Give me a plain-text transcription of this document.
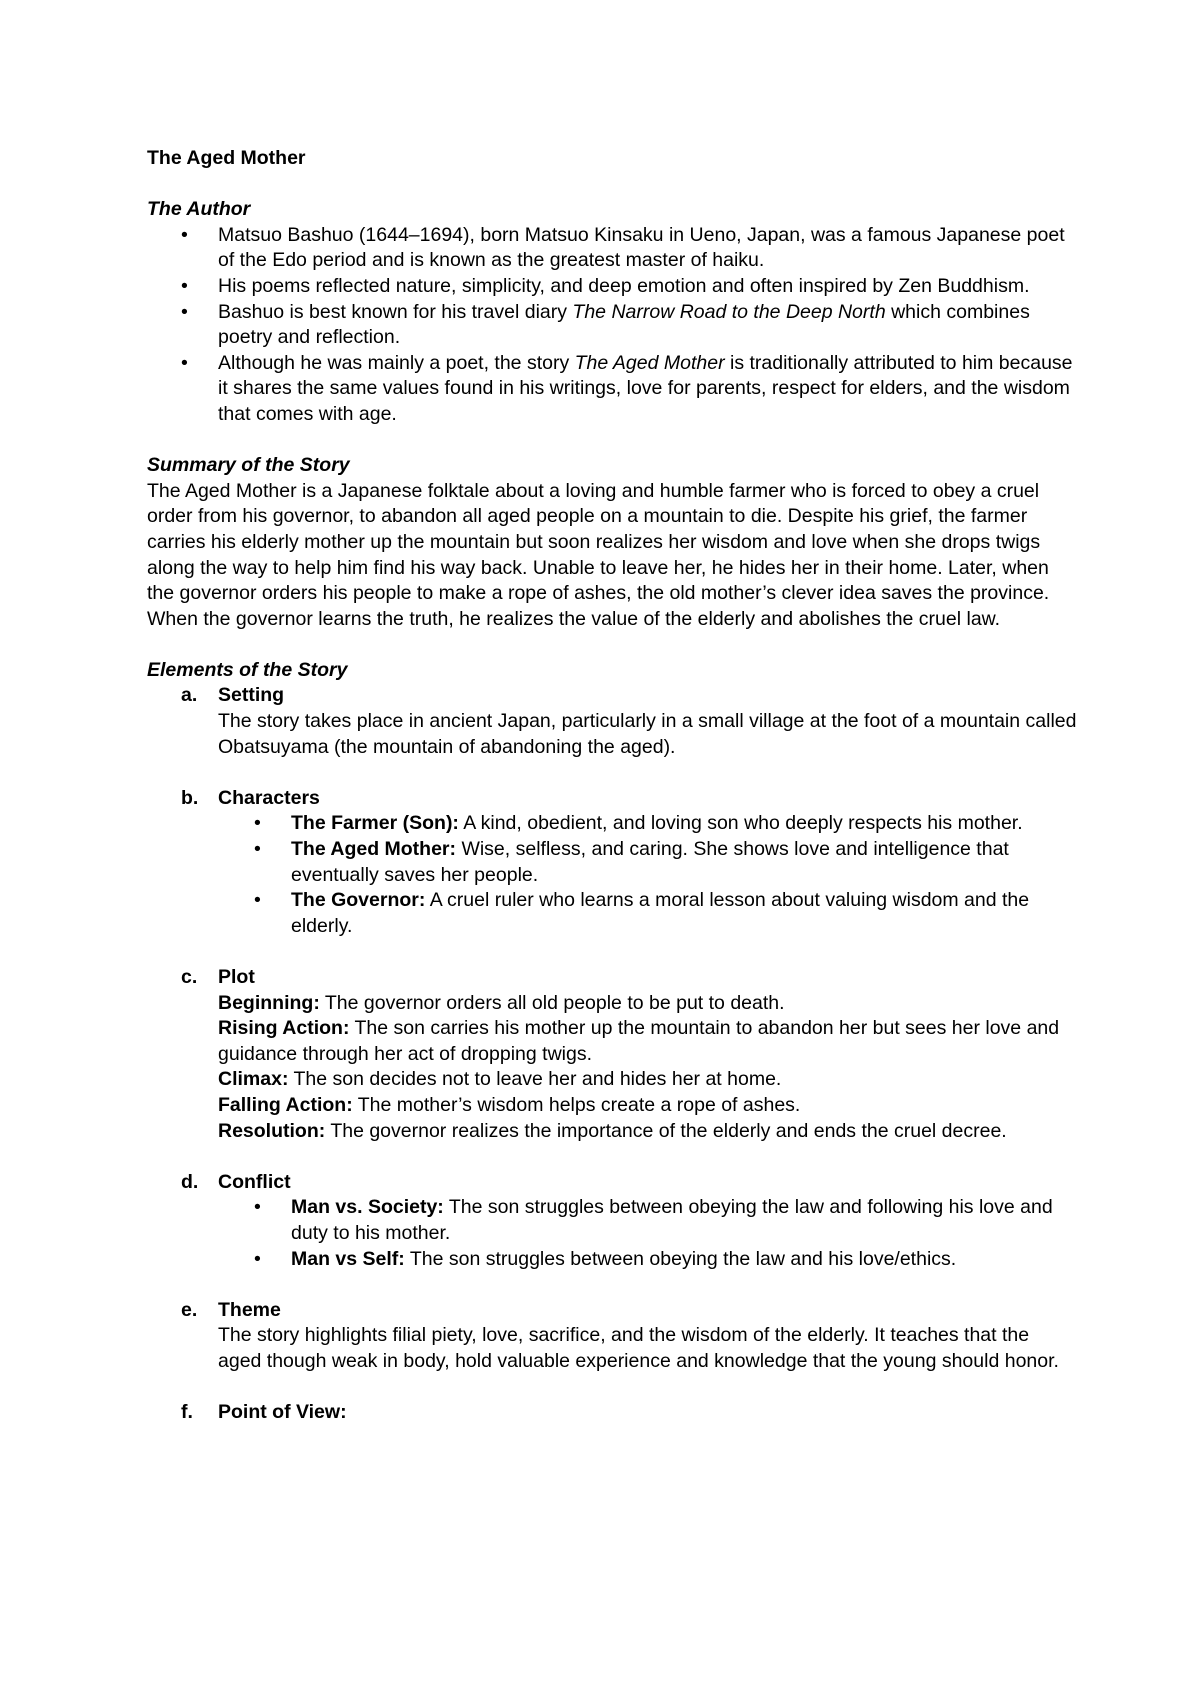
The Aged Mother

The Author

• Matsuo Bashuo (1644–1694), born Matsuo Kinsaku in Ueno, Japan, was a famous Japanese poet of the Edo period and is known as the greatest master of haiku.
• His poems reflected nature, simplicity, and deep emotion and often inspired by Zen Buddhism.
• Bashuo is best known for his travel diary The Narrow Road to the Deep North which combines poetry and reflection.
• Although he was mainly a poet, the story The Aged Mother is traditionally attributed to him because it shares the same values found in his writings, love for parents, respect for elders, and the wisdom that comes with age.

Summary of the Story

The Aged Mother is a Japanese folktale about a loving and humble farmer who is forced to obey a cruel order from his governor, to abandon all aged people on a mountain to die. Despite his grief, the farmer carries his elderly mother up the mountain but soon realizes her wisdom and love when she drops twigs along the way to help him find his way back. Unable to leave her, he hides her in their home. Later, when the governor orders his people to make a rope of ashes, the old mother’s clever idea saves the province. When the governor learns the truth, he realizes the value of the elderly and abolishes the cruel law.

Elements of the Story

a. Setting

The story takes place in ancient Japan, particularly in a small village at the foot of a mountain called Obatsuyama (the mountain of abandoning the aged).

b. Characters

• The Farmer (Son): A kind, obedient, and loving son who deeply respects his mother.
• The Aged Mother: Wise, selfless, and caring. She shows love and intelligence that eventually saves her people.
• The Governor: A cruel ruler who learns a moral lesson about valuing wisdom and the elderly.
c. Plot

Beginning: The governor orders all old people to be put to death.

Rising Action: The son carries his mother up the mountain to abandon her but sees her love and guidance through her act of dropping twigs.

Climax: The son decides not to leave her and hides her at home.

Falling Action: The mother’s wisdom helps create a rope of ashes.

Resolution: The governor realizes the importance of the elderly and ends the cruel decree.

d. Conflict

• Man vs. Society: The son struggles between obeying the law and following his love and duty to his mother.
• Man vs Self: The son struggles between obeying the law and his love/ethics.
e. Theme

The story highlights filial piety, love, sacrifice, and the wisdom of the elderly. It teaches that the aged though weak in body, hold valuable experience and knowledge that the young should honor.

f. Point of View:
